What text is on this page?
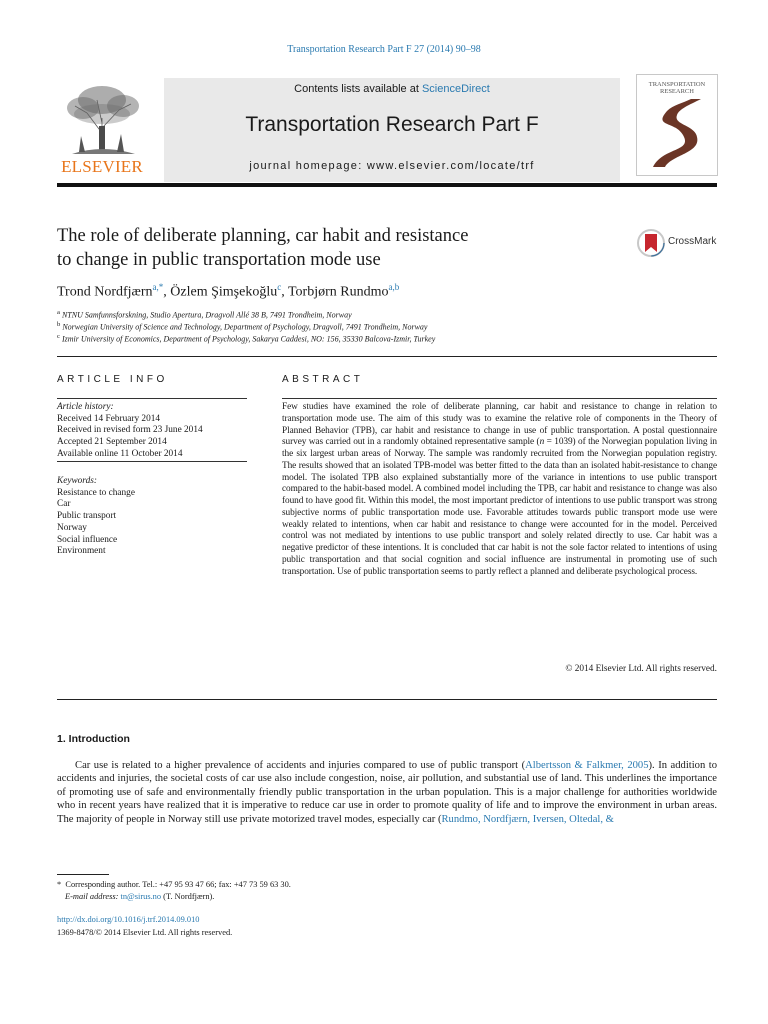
Transportation Research Part F 27 (2014) 90–98
Contents lists available at ScienceDirect
Transportation Research Part F
journal homepage: www.elsevier.com/locate/trf
ELSEVIER
TRANSPORTATION RESEARCH
The role of deliberate planning, car habit and resistance
to change in public transportation mode use
CrossMark
Trond Nordfjærn$^{a,*}$, Özlem Şimşekoğlu$^c$, Torbjørn Rundmo$^{a,b}$
$^a$ NTNU Samfunnsforskning, Studio Apertura, Dragvoll Allé 38 B, 7491 Trondheim, Norway
$^b$ Norwegian University of Science and Technology, Department of Psychology, Dragvoll, 7491 Trondheim, Norway
$^c$ Izmir University of Economics, Department of Psychology, Sakarya Caddesi, NO: 156, 35330 Balcova-Izmir, Turkey
ARTICLE INFO
Article history:
Received 14 February 2014
Received in revised form 23 June 2014
Accepted 21 September 2014
Available online 11 October 2014
Keywords:
Resistance to change
Car
Public transport
Norway
Social influence
Environment
ABSTRACT
Few studies have examined the role of deliberate planning, car habit and resistance to change in relation to transportation mode use. The aim of this study was to examine the relative role of components in the Theory of Planned Behavior (TPB), car habit and resistance to change in use of public transportation. A postal questionnaire survey was carried out in a randomly obtained representative sample (n = 1039) of the Norwegian population living in the six largest urban areas of Norway. The sample was randomly recruited from the Norwegian population registry. The results showed that an isolated TPB-model was better fitted to the data than an isolated habit-resistance to change model. The isolated TPB also explained substantially more of the variance in intentions to use public transport compared to the habit-based model. A combined model including the TPB, car habit and resistance to change was also found to have good fit. Within this model, the most important predictor of intentions to use public transport was strong subjective norms of public transportation mode use. Favorable attitudes towards public transport mode use were weakly related to intentions, when car habit and resistance to change were accounted for in the model. Perceived control was not mediated by intentions to use public transport and solely related directly to use. Car habit was a negative predictor of these intentions. It is concluded that car habit is not the sole factor related to intentions of using public transportation and that social cognition and social influence are instrumental in promoting use of such transportation. Use of public transportation seems to partly reflect a planned and deliberate psychological process.
© 2014 Elsevier Ltd. All rights reserved.
1. Introduction
Car use is related to a higher prevalence of accidents and injuries compared to use of public transport (Albertsson & Falkmer, 2005). In addition to accidents and injuries, the societal costs of car use also include congestion, noise, air pollution, and substantial use of land. This underlines the importance of promoting use of safe and environmentally friendly public transportation in the urban population. This is a major challenge for authorities worldwide who in recent years have realized that it is imperative to reduce car use in order to promote quality of life and to improve the environment in urban areas. The majority of people in Norway still use private motorized travel modes, especially car (Rundmo, Nordfjærn, Iversen, Oltedal, &
* Corresponding author. Tel.: +47 95 93 47 66; fax: +47 73 59 63 30.
E-mail address: tn@sirus.no (T. Nordfjærn).
http://dx.doi.org/10.1016/j.trf.2014.09.010
1369-8478/© 2014 Elsevier Ltd. All rights reserved.
